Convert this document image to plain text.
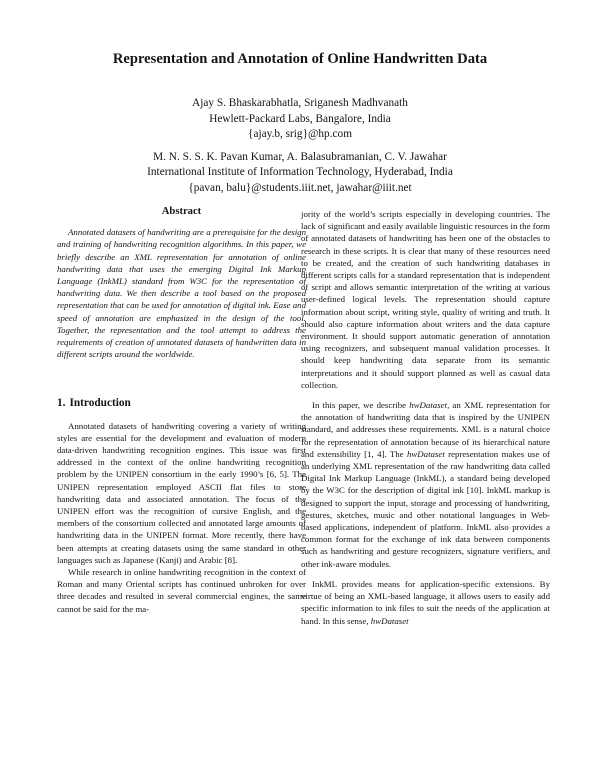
Representation and Annotation of Online Handwritten Data
Ajay S. Bhaskarabhatla, Sriganesh Madhvanath
Hewlett-Packard Labs, Bangalore, India
{ajay.b, srig}@hp.com
M. N. S. S. K. Pavan Kumar, A. Balasubramanian, C. V. Jawahar
International Institute of Information Technology, Hyderabad, India
{pavan, balu}@students.iiit.net, jawahar@iiit.net
Abstract

Annotated datasets of handwriting are a prerequisite for the design and training of handwriting recognition algorithms. In this paper, we briefly describe an XML representation for annotation of online handwriting data that uses the emerging Digital Ink Markup Language (InkML) standard from W3C for the representation of handwriting data. We then describe a tool based on the proposed representation that can be used for annotation of digital ink. Ease and speed of annotation are emphasized in the design of the tool. Together, the representation and the tool attempt to address the requirements of creation of annotated datasets of handwritten data in different scripts around the worldwide.

1. Introduction

Annotated datasets of handwriting covering a variety of writing styles are essential for the development and evaluation of modern data-driven handwriting recognition engines. This issue was first addressed in the context of the online handwriting recognition problem by the UNIPEN consortium in the early 1990’s [6, 5]. The UNIPEN representation employed ASCII flat files to store handwriting data and associated annotation. The focus of the UNIPEN effort was the recognition of cursive English, and the members of the consortium collected and annotated large amounts of handwriting data in the UNIPEN format. More recently, there have been attempts at creating datasets using the same standard in other languages such as Japanese (Kanji) and Arabic [8].

While research in online handwriting recognition in the context of Roman and many Oriental scripts has continued unbroken for over three decades and resulted in several commercial engines, the same cannot be said for the ma-

jority of the world’s scripts especially in developing countries. The lack of significant and easily available linguistic resources in the form of annotated datasets of handwriting has been one of the obstacles to research in these scripts. It is clear that many of these resources need to be created, and the creation of such handwriting databases in different scripts calls for a standard representation that is independent of script and allows semantic interpretation of the writing at various user-defined logical levels. The representation should capture information about script, writing style, quality of writing and truth. It should also capture information about writers and the data capture environment. It should support automatic generation of annotation using recognizers, and subsequent manual validation processes. It should keep handwriting data separate from its semantic interpretations and it should support planned as well as casual data collection.

In this paper, we describe hwDataset, an XML representation for the annotation of handwriting data that is inspired by the UNIPEN standard, and addresses these requirements. XML is a natural choice for the representation of annotation because of its hierarchical nature and extensibility [1, 4]. The hwDataset representation makes use of an underlying XML representation of the raw handwriting data called Digital Ink Markup Language (InkML), a standard being developed by the W3C for the description of digital ink [10]. InkML markup is designed to support the input, storage and processing of handwriting, gestures, sketches, music and other notational languages in Web-based applications, independent of platform. InkML also provides a common format for the exchange of ink data between components such as handwriting and gesture recognizers, signature verifiers, and other ink-aware modules.

InkML provides means for application-specific extensions. By virtue of being an XML-based language, it allows users to easily add specific information to ink files to suit the needs of the application at hand. In this sense, hwDataset
